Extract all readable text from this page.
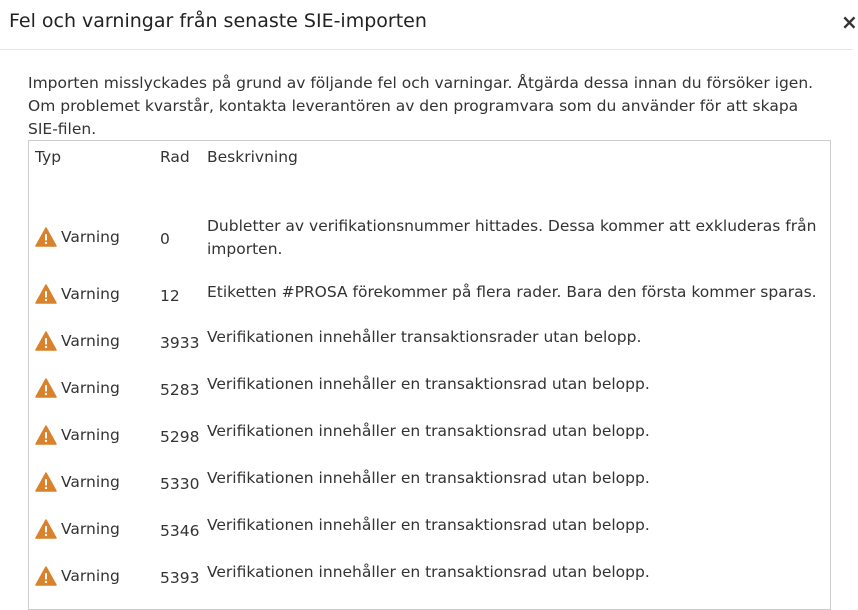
Fel och varningar från senaste SIE-importen	×
Importen misslyckades på grund av följande fel och varningar. Åtgärda dessa innan du försöker igen. Om problemet kvarstår, kontakta leverantören av den programvara som du använder för att skapa SIE-filen.
Typ	Rad Beskrivning
Varning	0
Dubletter av verifikationsnummer hittades. Dessa kommer att exkluderas från importen.
Varning	12 Etiketten #PROSA förekommer på flera rader. Bara den första kommer sparas.
Varning	3933 Verifikationen innehåller transaktionsrader utan belopp.
Varning	5283 Verifikationen innehåller en transaktionsrad utan belopp.
Varning	5298 Verifikationen innehåller en transaktionsrad utan belopp.
Varning	5330 Verifikationen innehåller en transaktionsrad utan belopp.
Varning	5346 Verifikationen innehåller en transaktionsrad utan belopp.
Varning	5393 Verifikationen innehåller en transaktionsrad utan belopp.
